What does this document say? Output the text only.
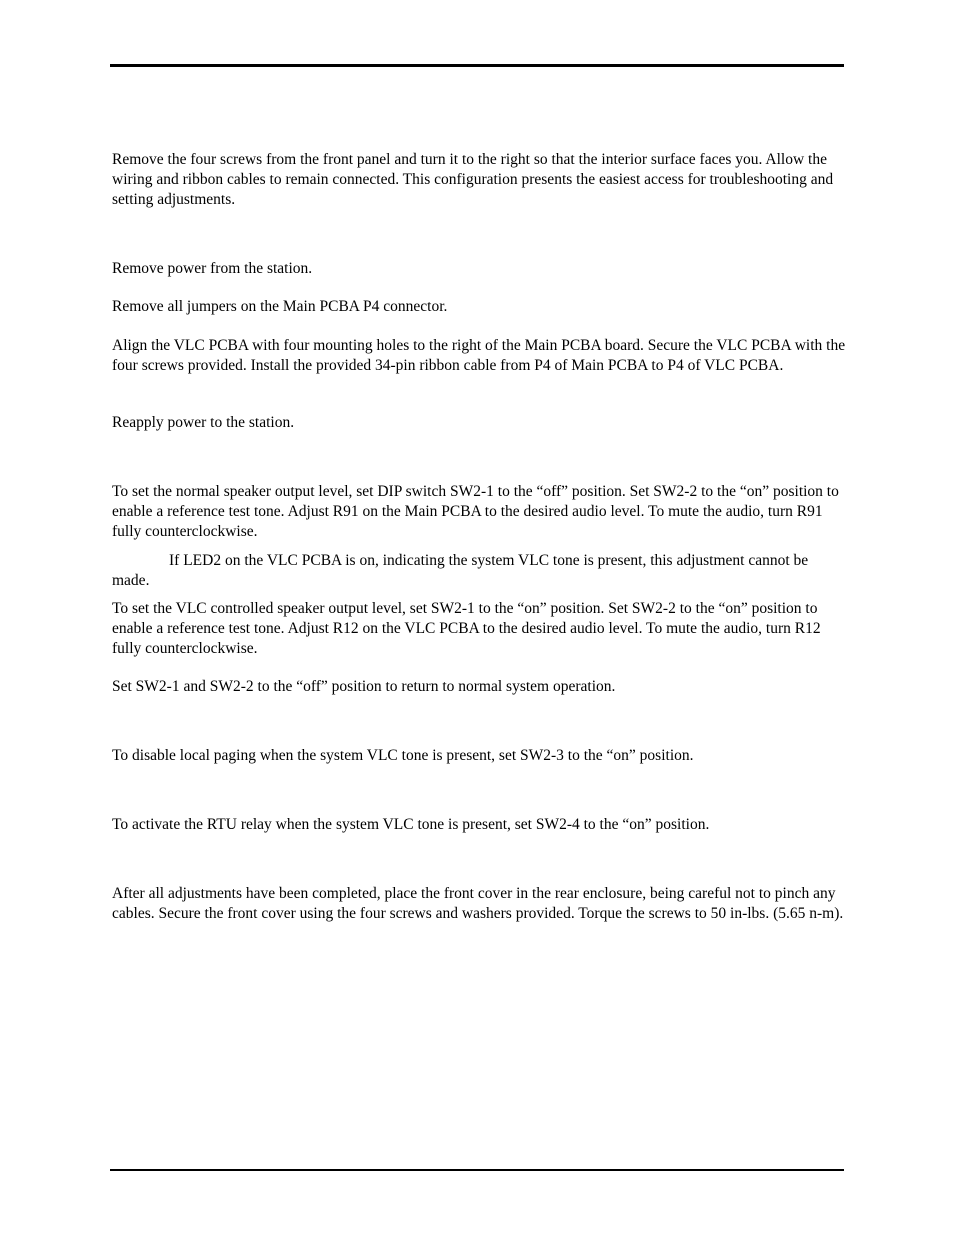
Remove the four screws from the front panel and turn it to the right so that the interior surface faces you. Allow the wiring and ribbon cables to remain connected. This configuration presents the easiest access for troubleshooting and setting adjustments.

Remove power from the station.

Remove all jumpers on the Main PCBA P4 connector.

Align the VLC PCBA with four mounting holes to the right of the Main PCBA board. Secure the VLC PCBA with the four screws provided. Install the provided 34-pin ribbon cable from P4 of Main PCBA to P4 of VLC PCBA.

Reapply power to the station.

To set the normal speaker output level, set DIP switch SW2-1 to the “off” position. Set SW2-2 to the “on” position to enable a reference test tone. Adjust R91 on the Main PCBA to the desired audio level. To mute the audio, turn R91 fully counterclockwise.

If LED2 on the VLC PCBA is on, indicating the system VLC tone is present, this adjustment cannot be made.

To set the VLC controlled speaker output level, set SW2-1 to the “on” position. Set SW2-2 to the “on” position to enable a reference test tone. Adjust R12 on the VLC PCBA to the desired audio level. To mute the audio, turn R12 fully counterclockwise.

Set SW2-1 and SW2-2 to the “off” position to return to normal system operation.

To disable local paging when the system VLC tone is present, set SW2-3 to the “on” position.

To activate the RTU relay when the system VLC tone is present, set SW2-4 to the “on” position.

After all adjustments have been completed, place the front cover in the rear enclosure, being careful not to pinch any cables. Secure the front cover using the four screws and washers provided. Torque the screws to 50 in-lbs. (5.65 n-m).
